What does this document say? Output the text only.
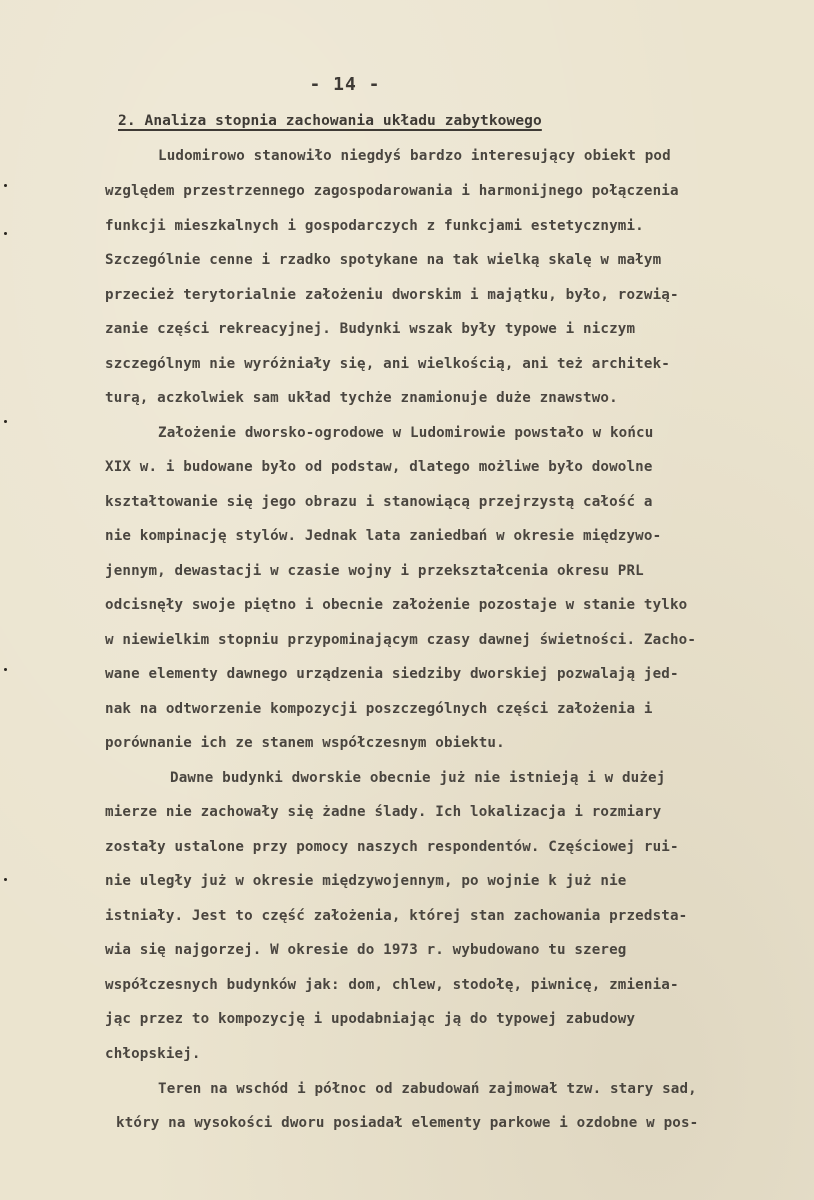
- 14 -
2. Analiza stopnia zachowania układu zabytkowego
Ludomirowo stanowiło niegdyś bardzo interesujący obiekt pod
względem przestrzennego zagospodarowania i harmonijnego połączenia
funkcji mieszkalnych i gospodarczych z funkcjami estetycznymi.
Szczególnie cenne i rzadko spotykane na tak wielką skalę w małym
przecież terytorialnie założeniu dworskim i majątku, było, rozwią-
zanie części rekreacyjnej. Budynki wszak były typowe i niczym
szczególnym nie wyróżniały się, ani wielkością, ani też architek-
turą, aczkolwiek sam układ tychże znamionuje duże znawstwo.
Założenie dworsko-ogrodowe w Ludomirowie powstało w końcu
XIX w. i budowane było od podstaw, dlatego możliwe było dowolne
kształtowanie się jego obrazu i stanowiącą przejrzystą całość a
nie kompinację stylów. Jednak lata zaniedbań w okresie międzywo-
jennym, dewastacji w czasie wojny i przekształcenia okresu PRL
odcisnęły swoje piętno i obecnie założenie pozostaje w stanie tylko
w niewielkim stopniu przypominającym czasy dawnej świetności. Zacho-
wane elementy dawnego urządzenia siedziby dworskiej pozwalają jed-
nak na odtworzenie kompozycji poszczególnych części założenia i
porównanie ich ze stanem współczesnym obiektu.
Dawne budynki dworskie obecnie już nie istnieją i w dużej
mierze nie zachowały się żadne ślady. Ich lokalizacja i rozmiary
zostały ustalone przy pomocy naszych respondentów. Częściowej rui-
nie uległy już w okresie międzywojennym, po wojnie k już nie
istniały. Jest to część założenia, której stan zachowania przedsta-
wia się najgorzej. W okresie do 1973 r. wybudowano tu szereg
współczesnych budynków jak: dom, chlew, stodołę, piwnicę, zmienia-
jąc przez to kompozycję i upodabniając ją do typowej zabudowy
chłopskiej.
Teren na wschód i północ od zabudowań zajmował tzw. stary sad,
który na wysokości dworu posiadał elementy parkowe i ozdobne w pos-
